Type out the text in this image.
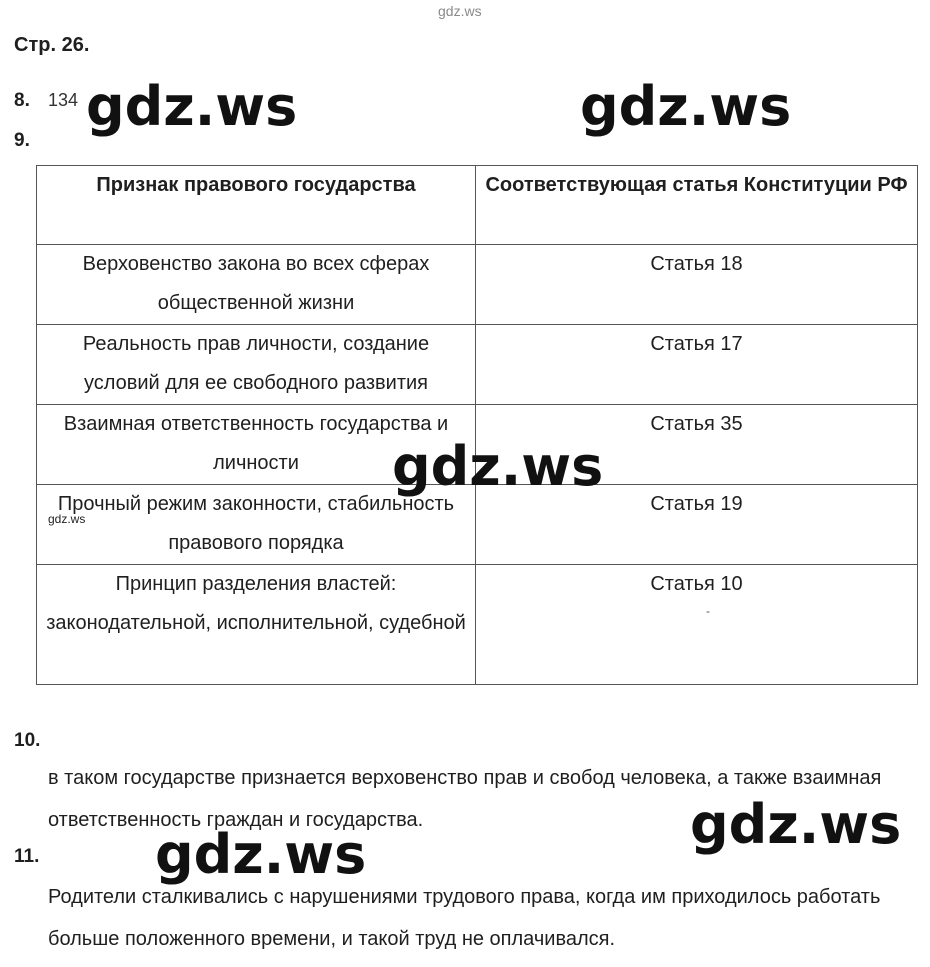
gdz.ws
Стр. 26.
8. 134
9.
Признак правового государства	Соответствующая статья Конституции РФ
Верховенство закона во всех сферах общественной жизни	Статья 18
Реальность прав личности, создание условий для ее свободного развития	Статья 17
Взаимная ответственность государства и личности	Статья 35
Прочный режим законности, стабильность правового порядка	Статья 19
Принцип разделения властей: законодательной, исполнительной, судебной	Статья 10
-
10.
в таком государстве признается верховенство прав и свобод человека, а также взаимная ответственность граждан и государства.
11.
Родители сталкивались с нарушениями трудового права, когда им приходилось работать больше положенного времени, и такой труд не оплачивался.
gdz.ws	gdz.ws
gdz.ws
gdz.ws
gdz.ws
gdz.ws
